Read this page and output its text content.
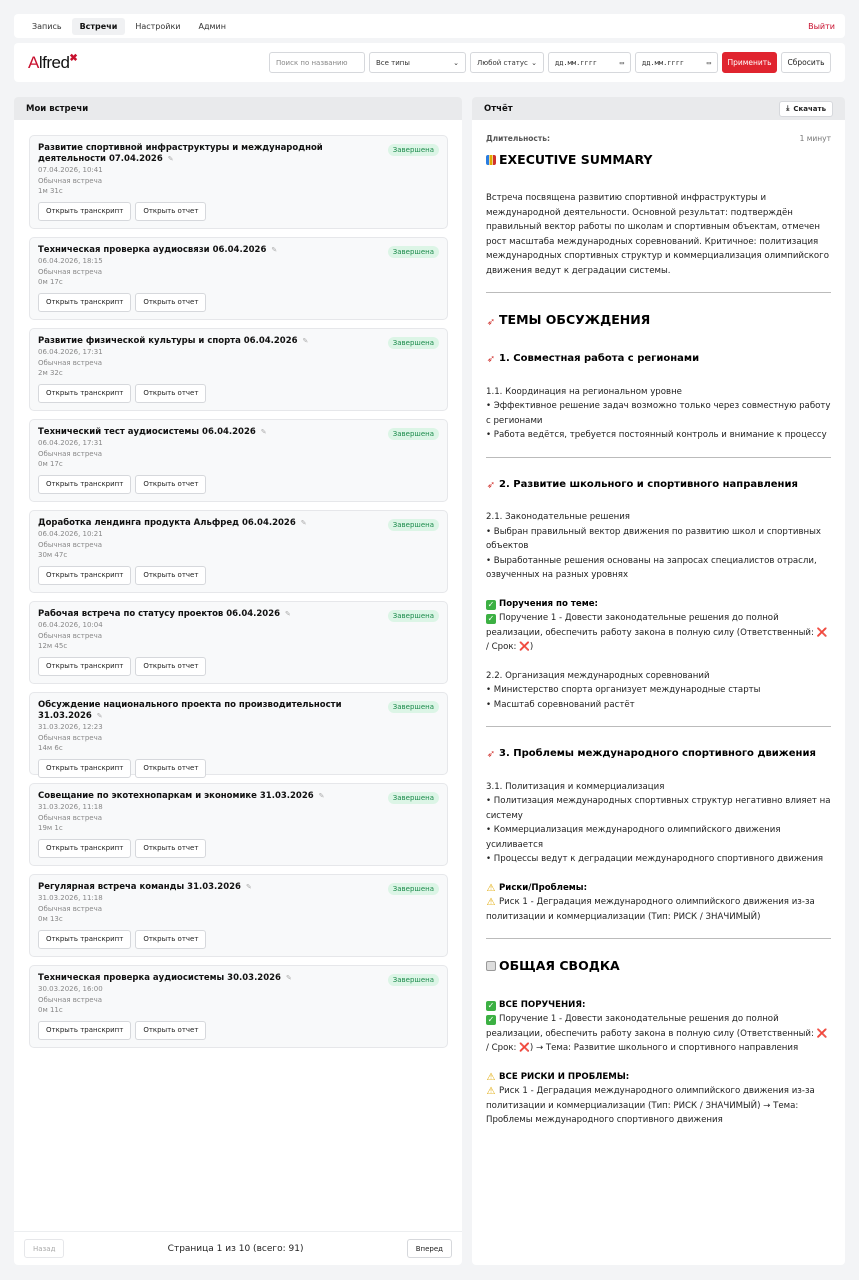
Запись	Встречи	Настройки	Админ	Выйти
Alfred✖	Поиск по названию	Все типы	⌄	Любой статус ⌄	дд.мм.гггг	▭	дд.мм.гггг	▭	Применить	Сбросить
Мои встречи
Развитие спортивной инфраструктуры и международной деятельности 07.04.2026 ✎
Завершена
07.04.2026, 10:41
Обычная встреча
1м 31с
Открыть транскрипт	Открыть отчет
Техническая проверка аудиосвязи 06.04.2026 ✎	Завершена
06.04.2026, 18:15
Обычная встреча
0м 17с
Открыть транскрипт	Открыть отчет
Развитие физической культуры и спорта 06.04.2026 ✎	Завершена
06.04.2026, 17:31
Обычная встреча
2м 32с
Открыть транскрипт	Открыть отчет
Технический тест аудиосистемы 06.04.2026 ✎	Завершена
06.04.2026, 17:31
Обычная встреча
0м 17с
Открыть транскрипт	Открыть отчет
Доработка лендинга продукта Альфред 06.04.2026 ✎	Завершена
06.04.2026, 10:21
Обычная встреча
30м 47с
Открыть транскрипт	Открыть отчет
Рабочая встреча по статусу проектов 06.04.2026 ✎	Завершена
06.04.2026, 10:04
Обычная встреча
12м 45с
Открыть транскрипт	Открыть отчет
Обсуждение национального проекта по производительности 31.03.2026 ✎
Завершена
31.03.2026, 12:23
Обычная встреча
14м 6с
Открыть транскрипт	Открыть отчет
Совещание по экотехнопаркам и экономике 31.03.2026 ✎	Завершена
31.03.2026, 11:18
Обычная встреча
19м 1с
Открыть транскрипт	Открыть отчет
Регулярная встреча команды 31.03.2026 ✎	Завершена
31.03.2026, 11:18
Обычная встреча
0м 13с
Открыть транскрипт	Открыть отчет
Техническая проверка аудиосистемы 30.03.2026 ✎	Завершена
30.03.2026, 16:00
Обычная встреча
0м 11с
Открыть транскрипт	Открыть отчет
Назад	Страница 1 из 10 (всего: 91)	Вперед
Отчёт	⤓ Скачать
Длительность:	1 минут
EXECUTIVE SUMMARY
Встреча посвящена развитию спортивной инфраструктуры и международной деятельности. Основной результат: подтверждён правильный вектор работы по школам и спортивным объектам, отмечен рост масштаба международных соревнований. Критичное: политизация международных спортивных структур и коммерциализация олимпийского движения ведут к деградации системы.
➶ ТЕМЫ ОБСУЖДЕНИЯ
➶ 1. Совместная работа с регионами
1.1. Координация на региональном уровне
• Эффективное решение задач возможно только через совместную работу с регионами
• Работа ведётся, требуется постоянный контроль и внимание к процессу
➶ 2. Развитие школьного и спортивного направления
2.1. Законодательные решения
• Выбран правильный вектор движения по развитию школ и спортивных объектов
• Выработанные решения основаны на запросах специалистов отрасли, озвученных на разных уровнях
✓ Поручения по теме:
✓ Поручение 1 - Довести законодательные решения до полной реализации, обеспечить работу закона в полную силу (Ответственный: ❌ / Срок: ❌)
2.2. Организация международных соревнований
• Министерство спорта организует международные старты
• Масштаб соревнований растёт
➶ 3. Проблемы международного спортивного движения
3.1. Политизация и коммерциализация
• Политизация международных спортивных структур негативно влияет на систему
• Коммерциализация международного олимпийского движения усиливается
• Процессы ведут к деградации международного спортивного движения
⚠ Риски/Проблемы:
⚠ Риск 1 - Деградация международного олимпийского движения из-за политизации и коммерциализации (Тип: РИСК / ЗНАЧИМЫЙ)
ОБЩАЯ СВОДКА
✓ ВСЕ ПОРУЧЕНИЯ:
✓ Поручение 1 - Довести законодательные решения до полной реализации, обеспечить работу закона в полную силу (Ответственный: ❌ / Срок: ❌) → Тема: Развитие школьного и спортивного направления
⚠ ВСЕ РИСКИ И ПРОБЛЕМЫ:
⚠ Риск 1 - Деградация международного олимпийского движения из-за политизации и коммерциализации (Тип: РИСК / ЗНАЧИМЫЙ) → Тема: Проблемы международного спортивного движения
